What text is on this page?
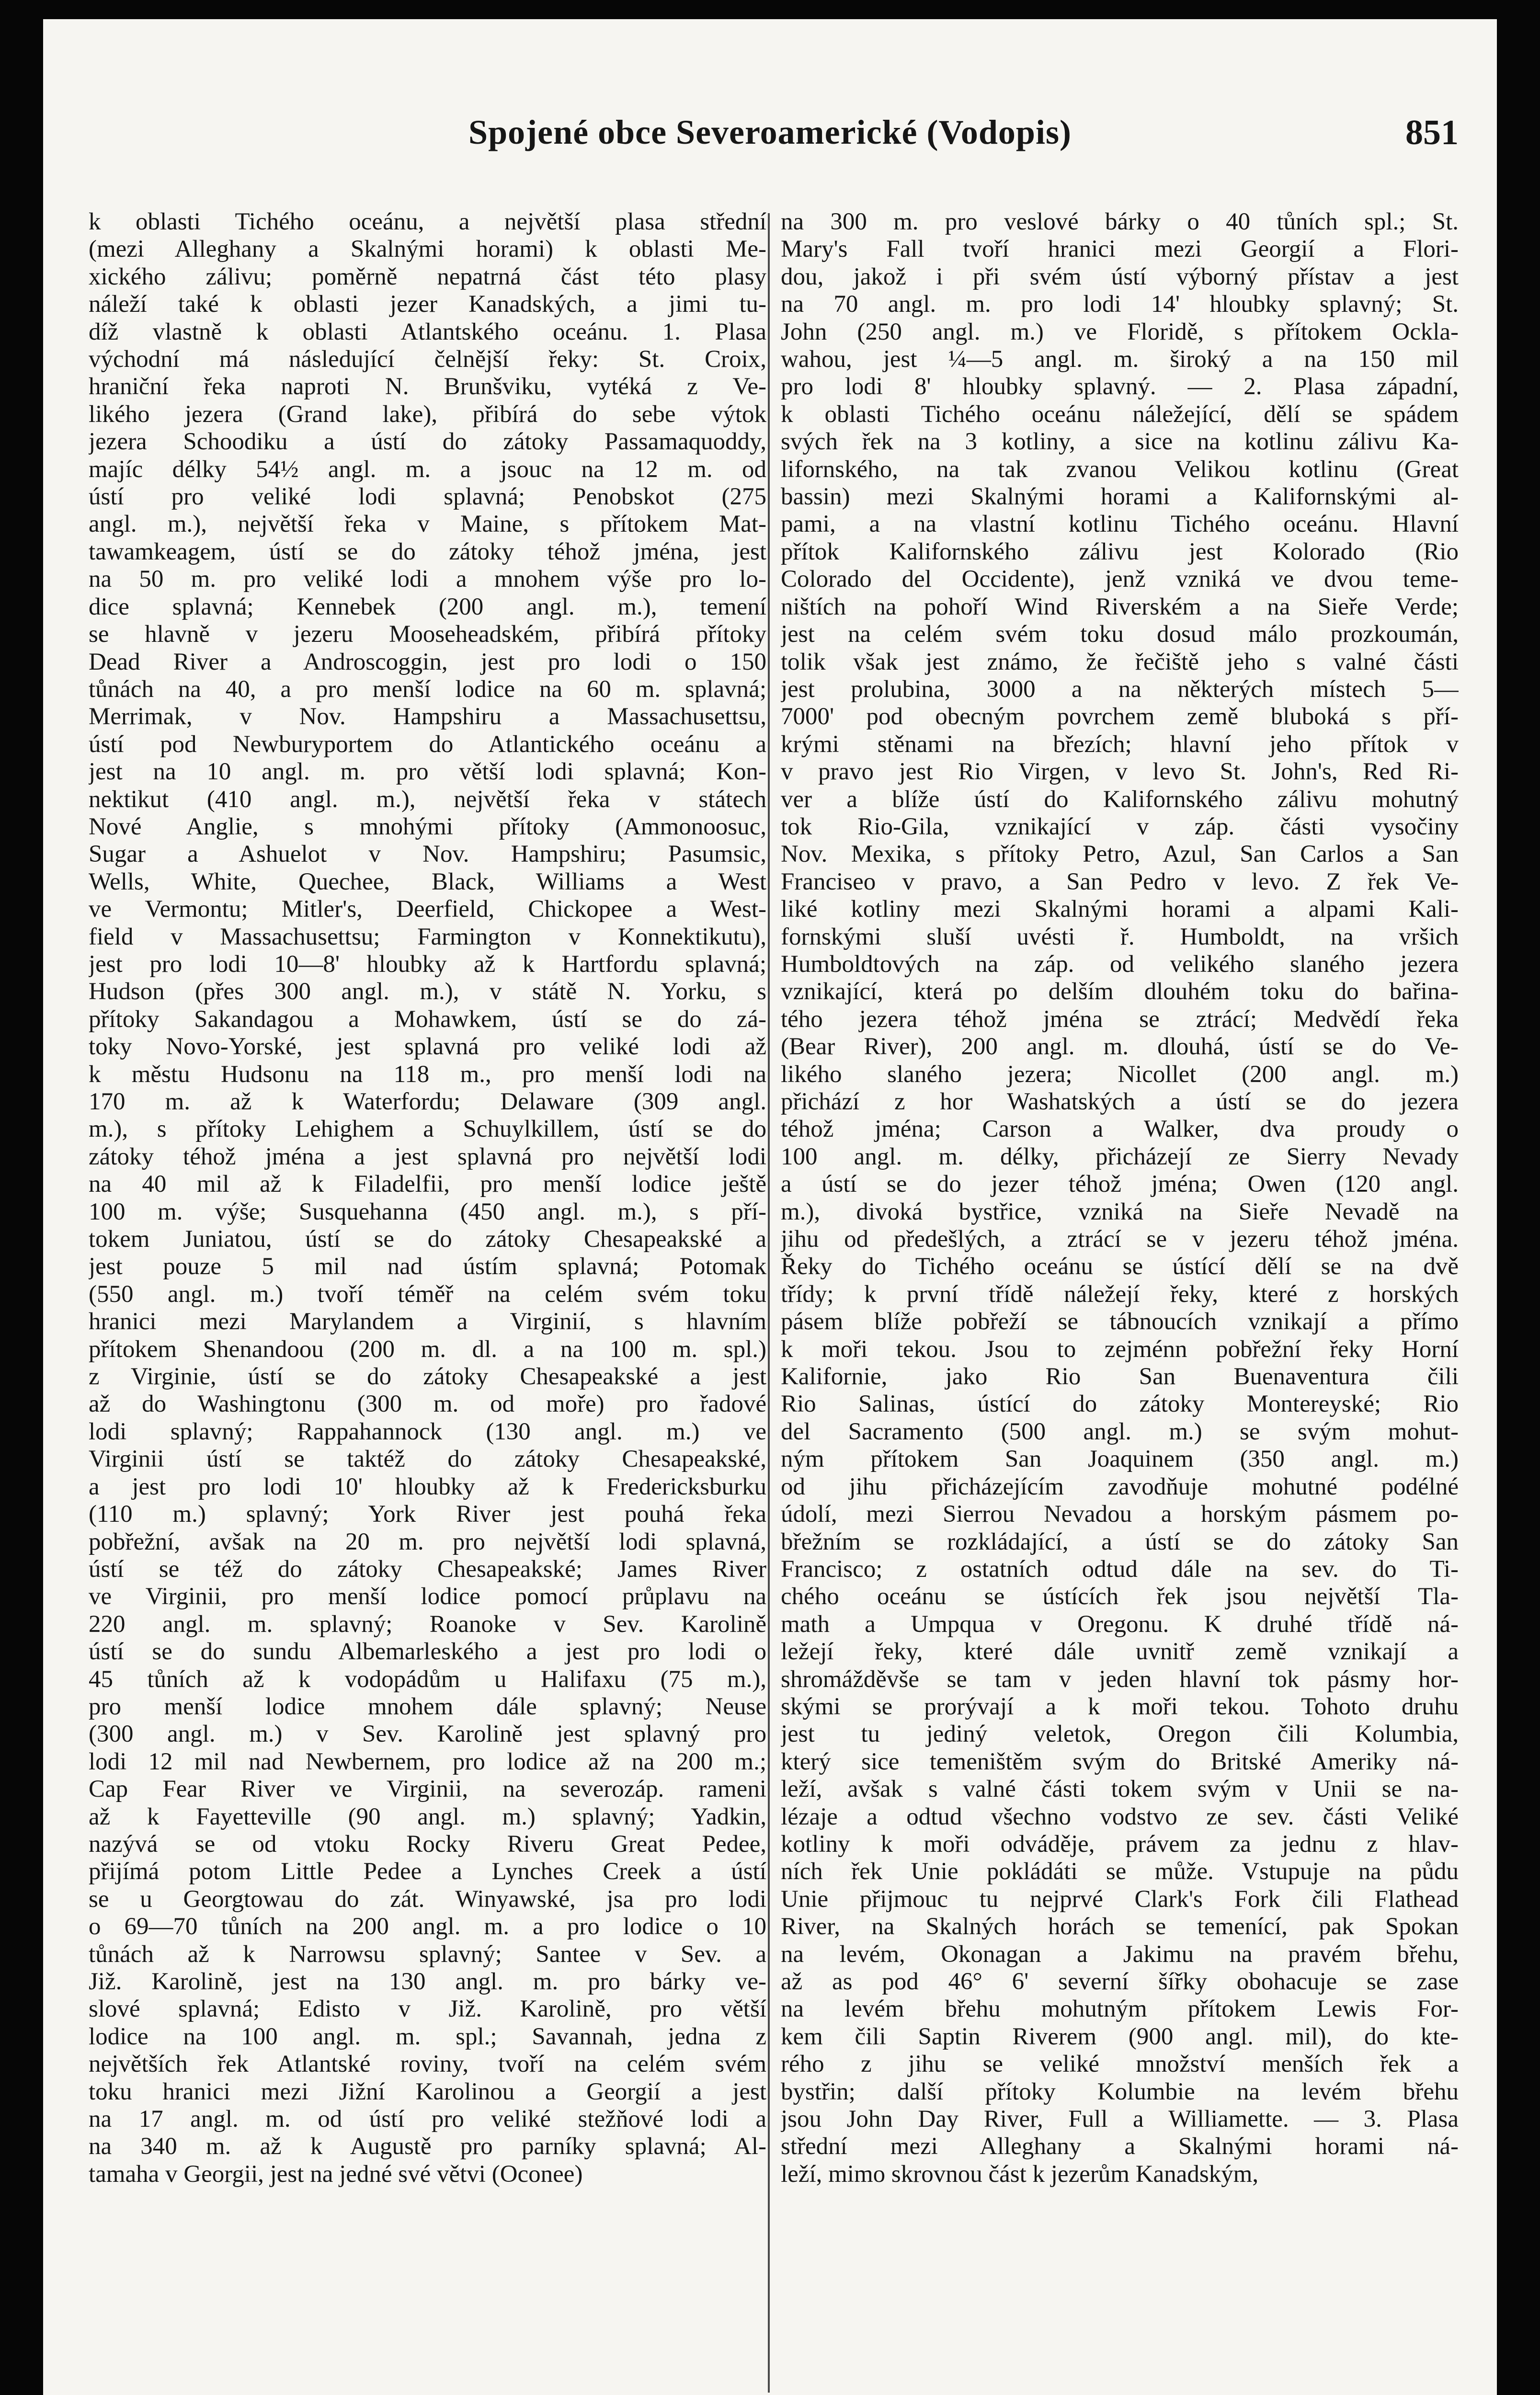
Spojené obce Severoamerické (Vodopis)	851
k oblasti Tichého oceánu, a největší plasa střední
(mezi Alleghany a Skalnými horami) k oblasti Me-
xického zálivu; poměrně nepatrná část této plasy
náleží také k oblasti jezer Kanadských, a jimi tu-
díž vlastně k oblasti Atlantského oceánu. 1. Plasa
východní má následující čelnější řeky: St. Croix,
hraniční řeka naproti N. Brunšviku, vytéká z Ve-
likého jezera (Grand lake), přibírá do sebe výtok
jezera Schoodiku a ústí do zátoky Passamaquoddy,
majíc délky 54½ angl. m. a jsouc na 12 m. od
ústí pro veliké lodi splavná; Penobskot (275
angl. m.), největší řeka v Maine, s přítokem Mat-
tawamkeagem, ústí se do zátoky téhož jména, jest
na 50 m. pro veliké lodi a mnohem výše pro lo-
dice splavná; Kennebek (200 angl. m.), temení
se hlavně v jezeru Mooseheadském, přibírá přítoky
Dead River a Androscoggin, jest pro lodi o 150
tůnách na 40, a pro menší lodice na 60 m. splavná;
Merrimak, v Nov. Hampshiru a Massachusettsu,
ústí pod Newburyportem do Atlantického oceánu a
jest na 10 angl. m. pro větší lodi splavná; Kon-
nektikut (410 angl. m.), největší řeka v státech
Nové Anglie, s mnohými přítoky (Ammonoosuc,
Sugar a Ashuelot v Nov. Hampshiru; Pasumsic,
Wells, White, Quechee, Black, Williams a West
ve Vermontu; Mitler's, Deerfield, Chickopee a West-
field v Massachusettsu; Farmington v Konnektikutu),
jest pro lodi 10—8' hloubky až k Hartfordu splavná;
Hudson (přes 300 angl. m.), v státě N. Yorku, s
přítoky Sakandagou a Mohawkem, ústí se do zá-
toky Novo-Yorské, jest splavná pro veliké lodi až
k městu Hudsonu na 118 m., pro menší lodi na
170 m. až k Waterfordu; Delaware (309 angl.
m.), s přítoky Lehighem a Schuylkillem, ústí se do
zátoky téhož jména a jest splavná pro největší lodi
na 40 mil až k Filadelfii, pro menší lodice ještě
100 m. výše; Susquehanna (450 angl. m.), s pří-
tokem Juniatou, ústí se do zátoky Chesapeakské a
jest pouze 5 mil nad ústím splavná; Potomak
(550 angl. m.) tvoří téměř na celém svém toku
hranici mezi Marylandem a Virginií, s hlavním
přítokem Shenandoou (200 m. dl. a na 100 m. spl.)
z Virginie, ústí se do zátoky Chesapeakské a jest
až do Washingtonu (300 m. od moře) pro řadové
lodi splavný; Rappahannock (130 angl. m.) ve
Virginii ústí se taktéž do zátoky Chesapeakské,
a jest pro lodi 10' hloubky až k Fredericksburku
(110 m.) splavný; York River jest pouhá řeka
pobřežní, avšak na 20 m. pro největší lodi splavná,
ústí se též do zátoky Chesapeakské; James River
ve Virginii, pro menší lodice pomocí průplavu na
220 angl. m. splavný; Roanoke v Sev. Karolině
ústí se do sundu Albemarleského a jest pro lodi o
45 tůních až k vodopádům u Halifaxu (75 m.),
pro menší lodice mnohem dále splavný; Neuse
(300 angl. m.) v Sev. Karolině jest splavný pro
lodi 12 mil nad Newbernem, pro lodice až na 200 m.;
Cap Fear River ve Virginii, na severozáp. rameni
až k Fayetteville (90 angl. m.) splavný; Yadkin,
nazývá se od vtoku Rocky Riveru Great Pedee,
přijímá potom Little Pedee a Lynches Creek a ústí
se u Georgtowau do zát. Winyawské, jsa pro lodi
o 69—70 tůních na 200 angl. m. a pro lodice o 10
tůnách až k Narrowsu splavný; Santee v Sev. a
Již. Karolině, jest na 130 angl. m. pro bárky ve-
slové splavná; Edisto v Již. Karolině, pro větší
lodice na 100 angl. m. spl.; Savannah, jedna z
největších řek Atlantské roviny, tvoří na celém svém
toku hranici mezi Jižní Karolinou a Georgií a jest
na 17 angl. m. od ústí pro veliké stežňové lodi a
na 340 m. až k Augustě pro parníky splavná; Al-
tamaha v Georgii, jest na jedné své větvi (Oconee)
na 300 m. pro veslové bárky o 40 tůních spl.; St.
Mary's Fall tvoří hranici mezi Georgií a Flori-
dou, jakož i při svém ústí výborný přístav a jest
na 70 angl. m. pro lodi 14' hloubky splavný; St.
John (250 angl. m.) ve Floridě, s přítokem Ockla-
wahou, jest ¼—5 angl. m. široký a na 150 mil
pro lodi 8' hloubky splavný. — 2. Plasa západní,
k oblasti Tichého oceánu náležející, dělí se spádem
svých řek na 3 kotliny, a sice na kotlinu zálivu Ka-
lifornského, na tak zvanou Velikou kotlinu (Great
bassin) mezi Skalnými horami a Kalifornskými al-
pami, a na vlastní kotlinu Tichého oceánu. Hlavní
přítok Kalifornského zálivu jest Kolorado (Rio
Colorado del Occidente), jenž vzniká ve dvou teme-
ništích na pohoří Wind Riverském a na Sieře Verde;
jest na celém svém toku dosud málo prozkoumán,
tolik však jest známo, že řečiště jeho s valné části
jest prolubina, 3000 a na některých místech 5—
7000' pod obecným povrchem země bluboká s pří-
krými stěnami na březích; hlavní jeho přítok v
v pravo jest Rio Virgen, v levo St. John's, Red Ri-
ver a blíže ústí do Kalifornského zálivu mohutný
tok Rio-Gila, vznikající v záp. části vysočiny
Nov. Mexika, s přítoky Petro, Azul, San Carlos a San
Franciseo v pravo, a San Pedro v levo. Z řek Ve-
liké kotliny mezi Skalnými horami a alpami Kali-
fornskými sluší uvésti ř. Humboldt, na vršich
Humboldtových na záp. od velikého slaného jezera
vznikající, která po delším dlouhém toku do bařina-
tého jezera téhož jména se ztrácí; Medvědí řeka
(Bear River), 200 angl. m. dlouhá, ústí se do Ve-
likého slaného jezera; Nicollet (200 angl. m.)
přichází z hor Washatských a ústí se do jezera
téhož jména; Carson a Walker, dva proudy o
100 angl. m. délky, přicházejí ze Sierry Nevady
a ústí se do jezer téhož jména; Owen (120 angl.
m.), divoká bystřice, vzniká na Sieře Nevadě na
jihu od předešlých, a ztrácí se v jezeru téhož jména.
Řeky do Tichého oceánu se ústící dělí se na dvě
třídy; k první třídě náležejí řeky, které z horských
pásem blíže pobřeží se tábnoucích vznikají a přímo
k moři tekou. Jsou to zejménn pobřežní řeky Horní
Kalifornie, jako Rio San Buenaventura čili
Rio Salinas, ústící do zátoky Montereyské; Rio
del Sacramento (500 angl. m.) se svým mohut-
ným přítokem San Joaquinem (350 angl. m.)
od jihu přicházejícím zavodňuje mohutné podélné
údolí, mezi Sierrou Nevadou a horským pásmem po-
břežním se rozkládající, a ústí se do zátoky San
Francisco; z ostatních odtud dále na sev. do Ti-
chého oceánu se ústících řek jsou největší Tla-
math a Umpqua v Oregonu. K druhé třídě ná-
ležejí řeky, které dále uvnitř země vznikají a
shromážděvše se tam v jeden hlavní tok pásmy hor-
skými se prorývají a k moři tekou. Tohoto druhu
jest tu jediný veletok, Oregon čili Kolumbia,
který sice temeništěm svým do Britské Ameriky ná-
leží, avšak s valné části tokem svým v Unii se na-
lézaje a odtud všechno vodstvo ze sev. části Veliké
kotliny k moři odváděje, právem za jednu z hlav-
ních řek Unie pokládáti se může. Vstupuje na půdu
Unie přijmouc tu nejprvé Clark's Fork čili Flathead
River, na Skalných horách se temenící, pak Spokan
na levém, Okonagan a Jakimu na pravém břehu,
až as pod 46° 6' severní šířky obohacuje se zase
na levém břehu mohutným přítokem Lewis For-
kem čili Saptin Riverem (900 angl. mil), do kte-
rého z jihu se veliké množství menších řek a
bystřin; další přítoky Kolumbie na levém břehu
jsou John Day River, Full a Williamette. — 3. Plasa
střední mezi Alleghany a Skalnými horami ná-
leží, mimo skrovnou část k jezerům Kanadským,
